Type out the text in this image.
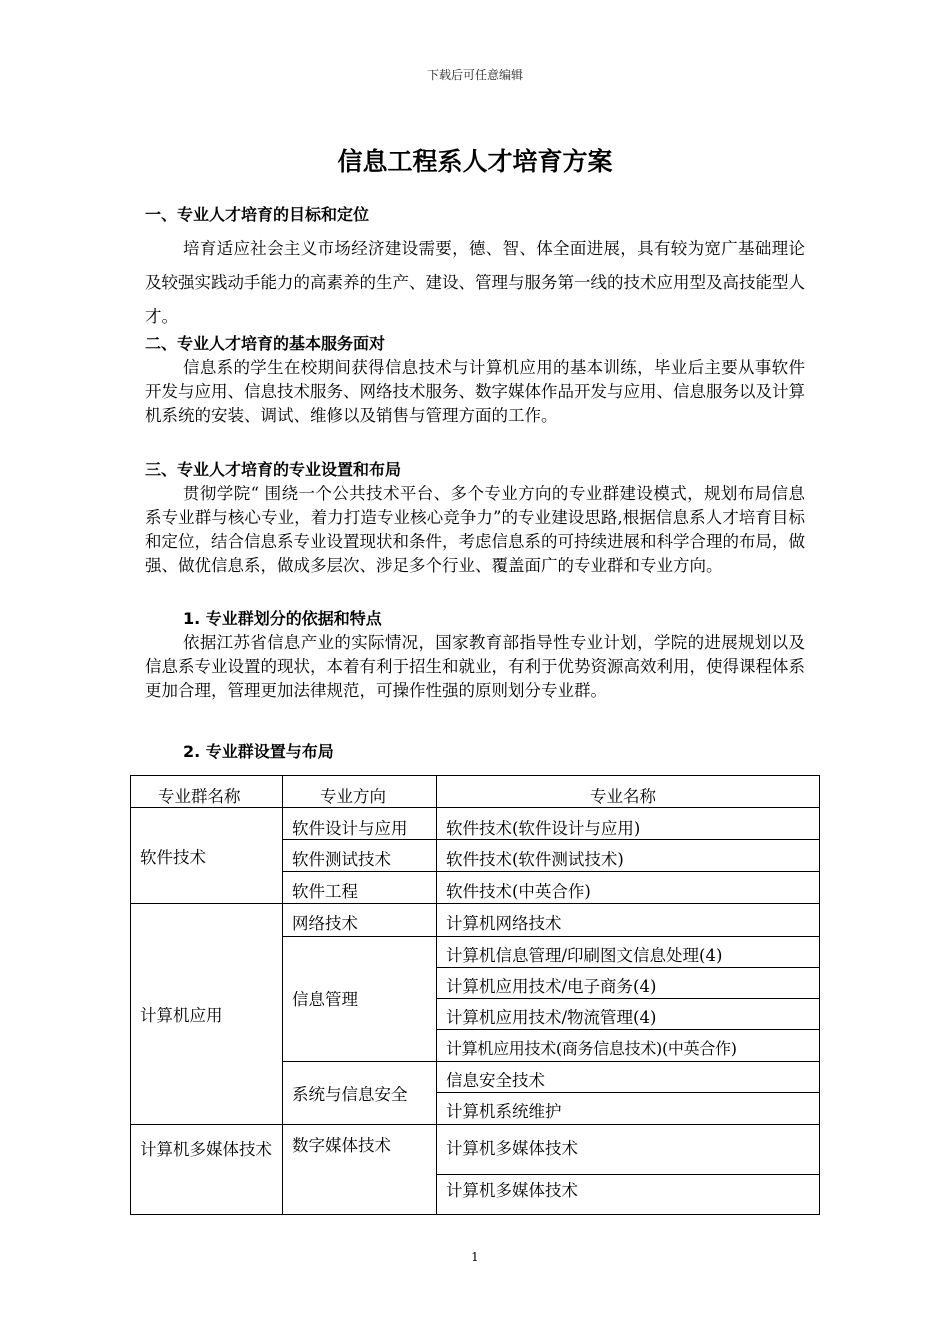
下载后可任意编辑
信息工程系人才培育方案
一、专业人才培育的目标和定位
培育适应社会主义市场经济建设需要，德、智、体全面进展，具有较为宽广基础理论及较强实践动手能力的高素养的生产、建设、管理与服务第一线的技术应用型及高技能型人才。
二、专业人才培育的基本服务面对
信息系的学生在校期间获得信息技术与计算机应用的基本训练，毕业后主要从事软件开发与应用、信息技术服务、网络技术服务、数字媒体作品开发与应用、信息服务以及计算机系统的安装、调试、维修以及销售与管理方面的工作。
三、专业人才培育的专业设置和布局
贯彻学院“ 围绕一个公共技术平台、多个专业方向的专业群建设模式，规划布局信息系专业群与核心专业，着力打造专业核心竞争力”的专业建设思路,根据信息系人才培育目标和定位，结合信息系专业设置现状和条件，考虑信息系的可持续进展和科学合理的布局，做强、做优信息系，做成多层次、涉足多个行业、覆盖面广的专业群和专业方向。
1. 专业群划分的依据和特点
依据江苏省信息产业的实际情况，国家教育部指导性专业计划，学院的进展规划以及信息系专业设置的现状，本着有利于招生和就业，有利于优势资源高效利用，使得课程体系更加合理，管理更加法律规范，可操作性强的原则划分专业群。
2. 专业群设置与布局
专业群名称	专业方向	专业名称
软件技术
计算机应用
计算机多媒体技术
软件设计与应用
软件测试技术
软件工程
网络技术
信息管理
系统与信息安全
数字媒体技术
软件技术(软件设计与应用)
软件技术(软件测试技术)
软件技术(中英合作)
计算机网络技术
计算机信息管理/印刷图文信息处理(4)
计算机应用技术/电子商务(4)
计算机应用技术/物流管理(4)
计算机应用技术(商务信息技术)(中英合作)
信息安全技术
计算机系统维护
计算机多媒体技术
计算机多媒体技术
1
